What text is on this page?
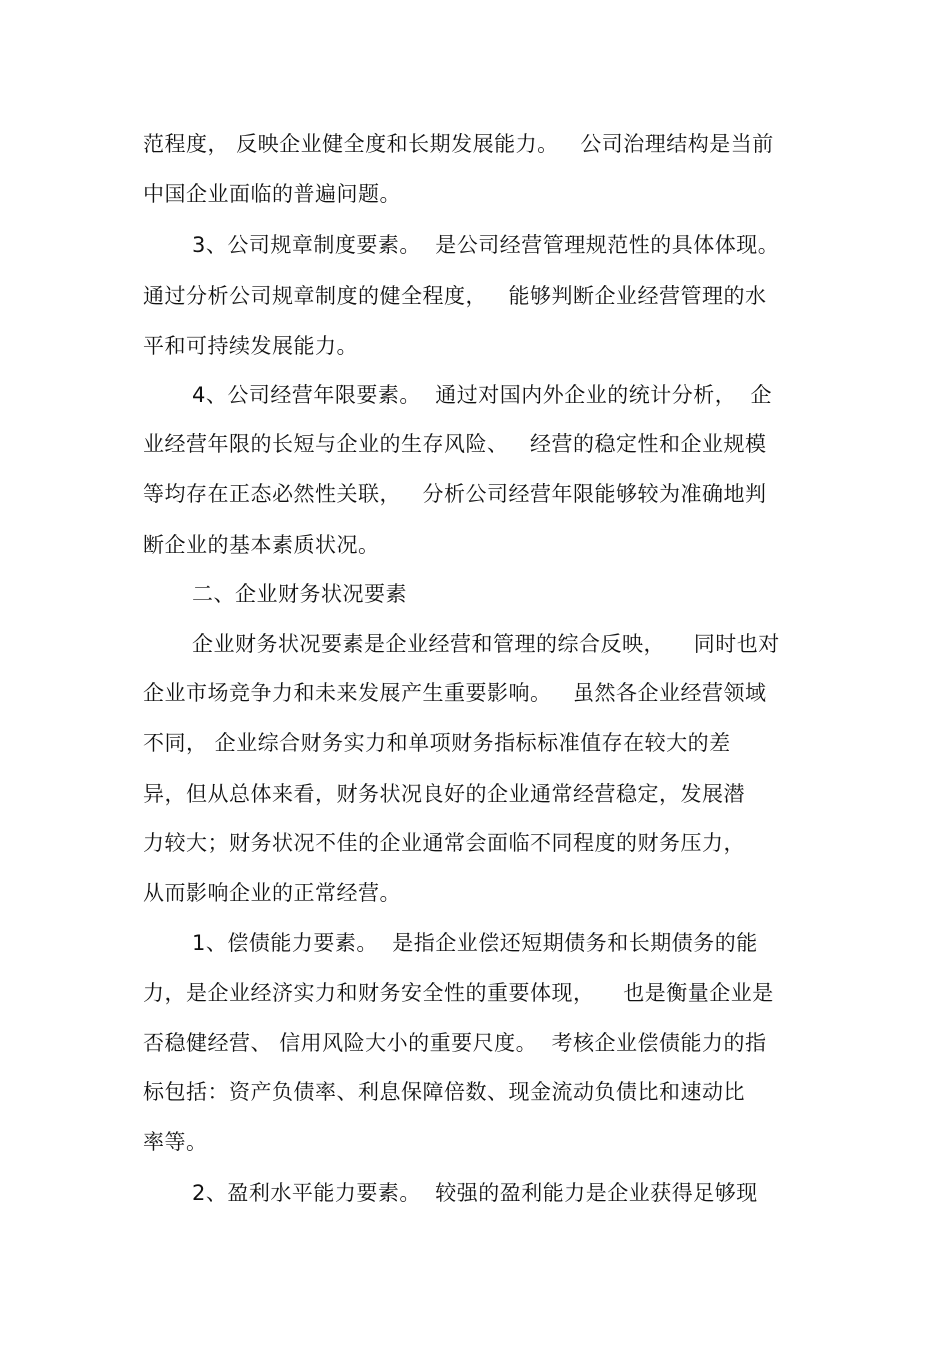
范程度， 反映企业健全度和长期发展能力。   公司治理结构是当前
中国企业面临的普遍问题。
3、公司规章制度要素。  是公司经营管理规范性的具体体现。
通过分析公司规章制度的健全程度，   能够判断企业经营管理的水
平和可持续发展能力。
4、公司经营年限要素。  通过对国内外企业的统计分析，  企
业经营年限的长短与企业的生存风险、   经营的稳定性和企业规模
等均存在正态必然性关联，   分析公司经营年限能够较为准确地判
断企业的基本素质状况。
二、企业财务状况要素
企业财务状况要素是企业经营和管理的综合反映，    同时也对
企业市场竞争力和未来发展产生重要影响。   虽然各企业经营领域
不同， 企业综合财务实力和单项财务指标标准值存在较大的差
异，但从总体来看，财务状况良好的企业通常经营稳定，发展潜
力较大；财务状况不佳的企业通常会面临不同程度的财务压力，
从而影响企业的正常经营。
1、偿债能力要素。  是指企业偿还短期债务和长期债务的能
力，是企业经济实力和财务安全性的重要体现，    也是衡量企业是
否稳健经营、 信用风险大小的重要尺度。  考核企业偿债能力的指
标包括：资产负债率、利息保障倍数、现金流动负债比和速动比
率等。
2、盈利水平能力要素。  较强的盈利能力是企业获得足够现
